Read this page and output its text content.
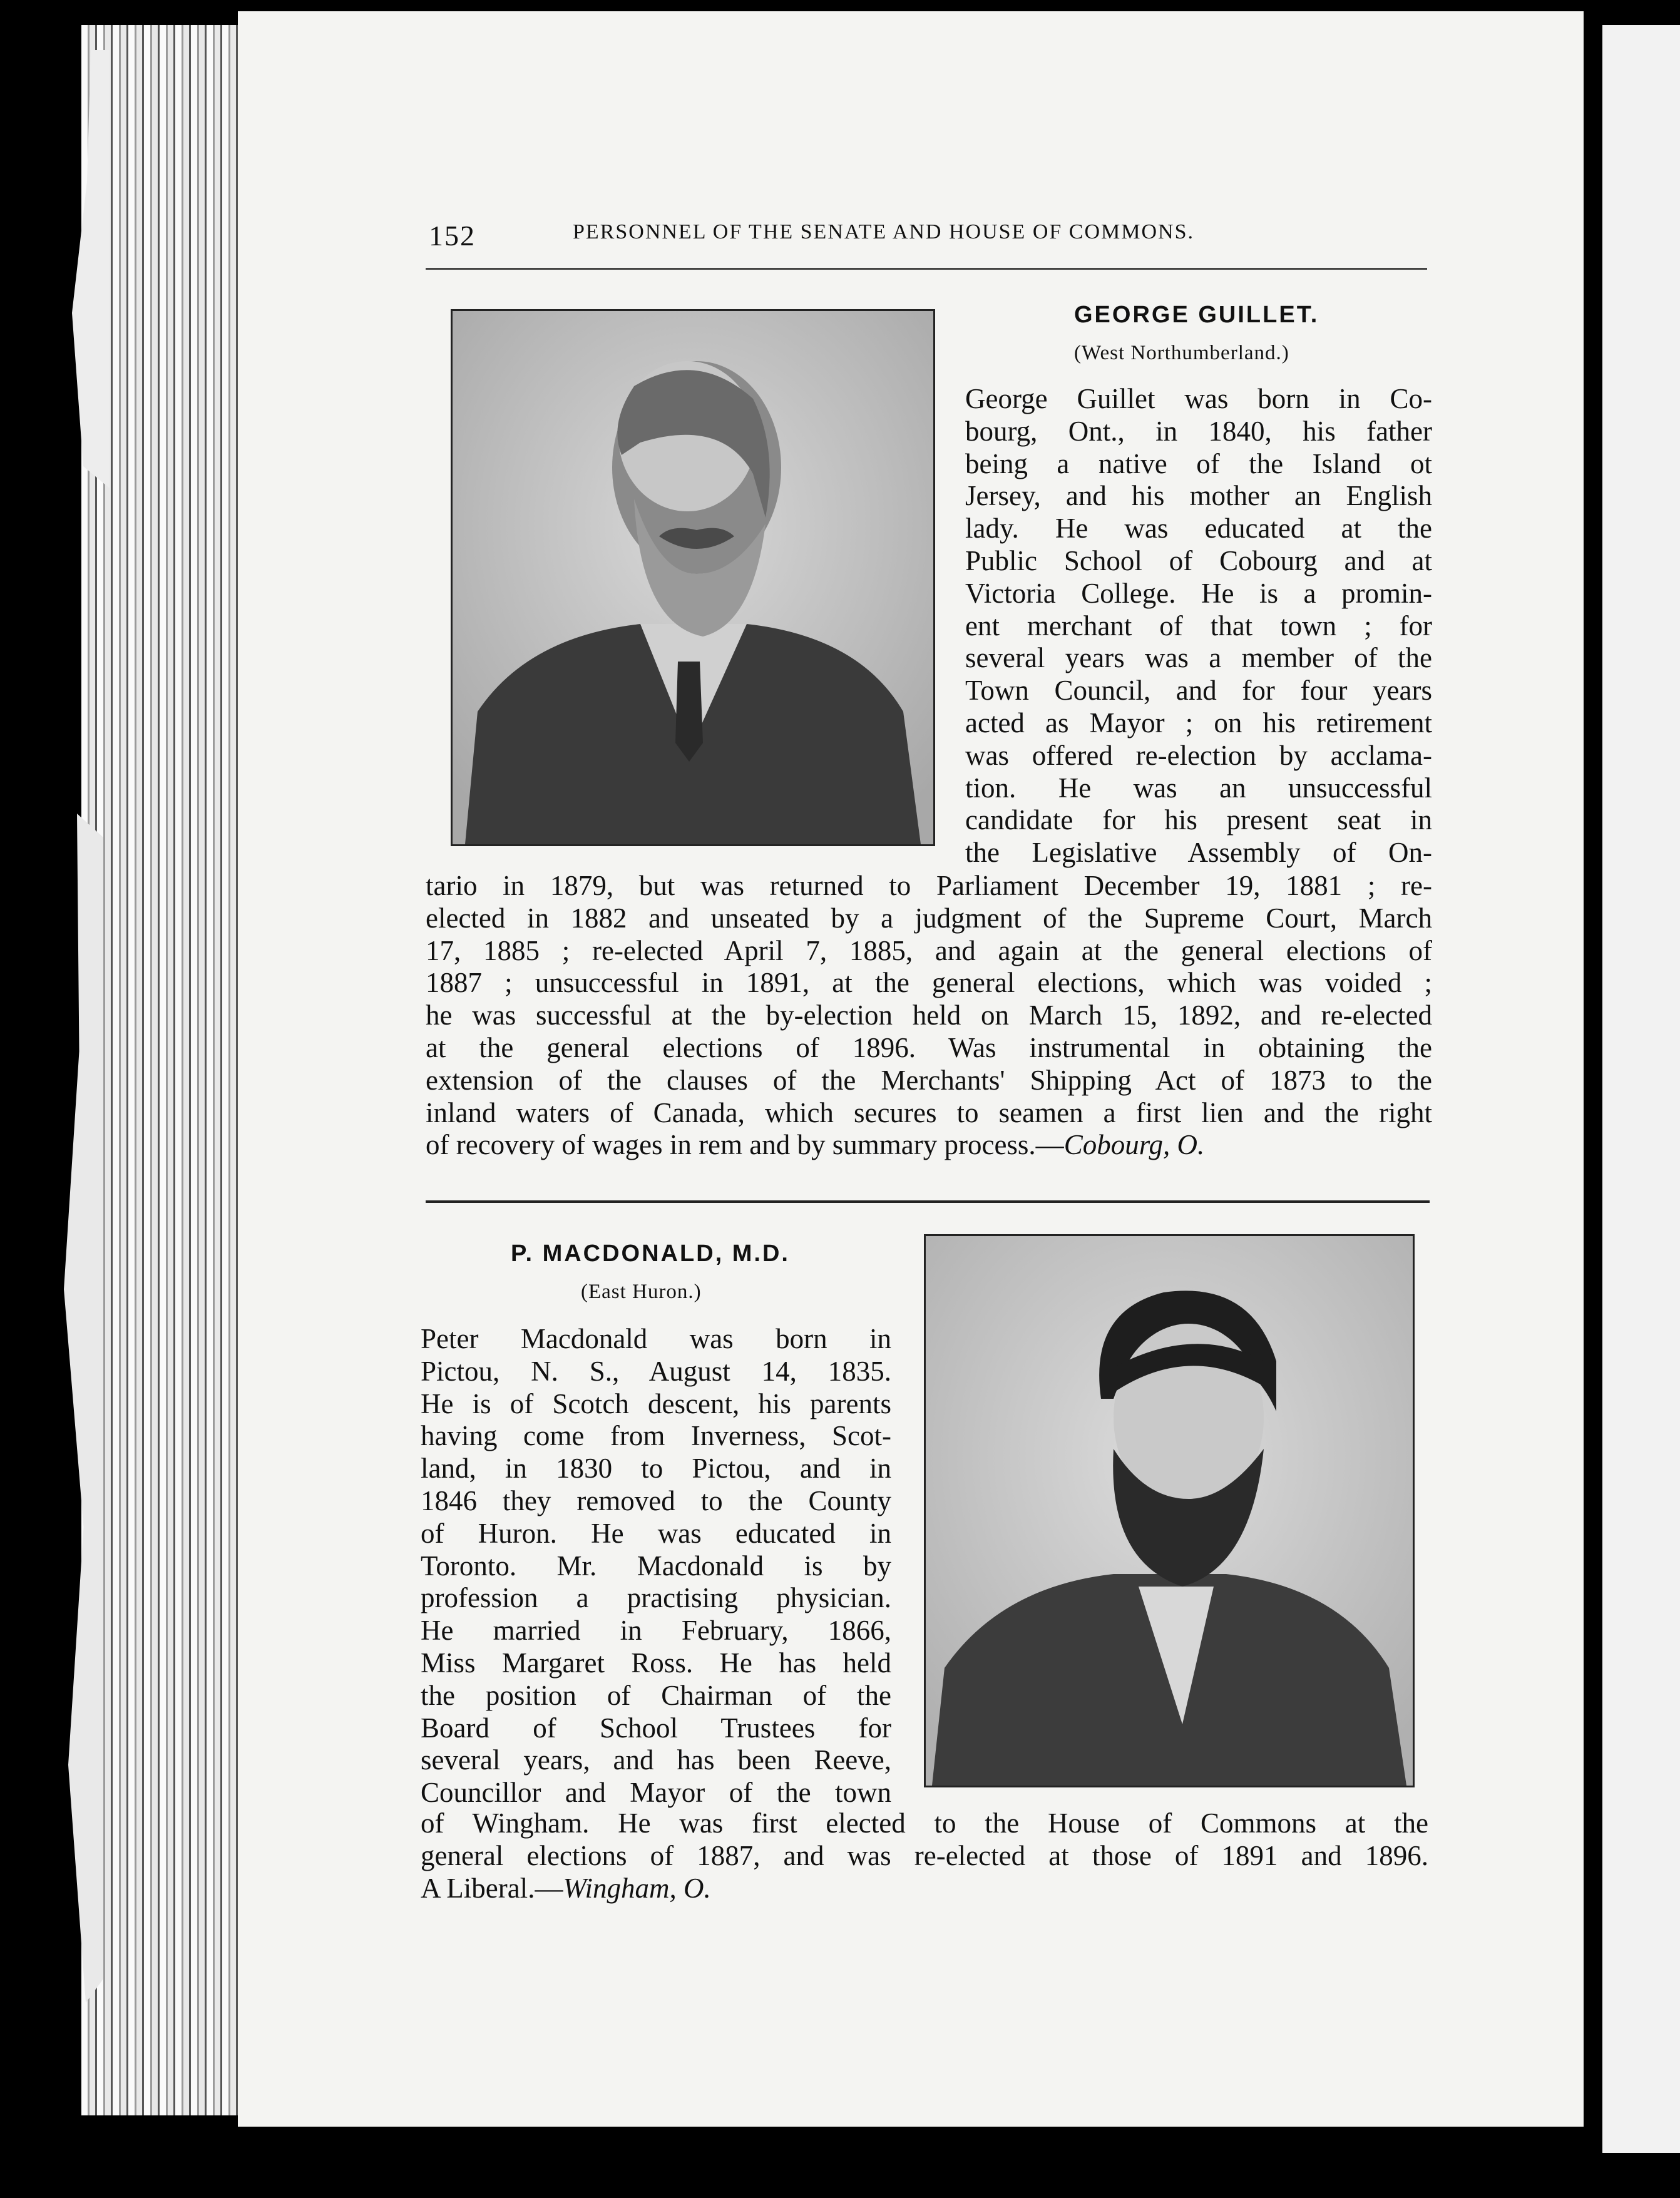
152	PERSONNEL OF THE SENATE AND HOUSE OF COMMONS.
GEORGE GUILLET.
(West Northumberland.)
George Guillet was born in Co-
bourg, Ont., in 1840, his father
being a native of the Island ot
Jersey, and his mother an English
lady. He was educated at the
Public School of Cobourg and at
Victoria College. He is a promin-
ent merchant of that town ; for
several years was a member of the
Town Council, and for four years
acted as Mayor ; on his retirement
was offered re-election by acclama-
tion. He was an unsuccessful
candidate for his present seat in
the Legislative Assembly of On-
tario in 1879, but was returned to Parliament December 19, 1881 ; re-
elected in 1882 and unseated by a judgment of the Supreme Court, March
17, 1885 ; re-elected April 7, 1885, and again at the general elections of
1887 ; unsuccessful in 1891, at the general elections, which was voided ;
he was successful at the by-election held on March 15, 1892, and re-elected
at the general elections of 1896. Was instrumental in obtaining the
extension of the clauses of the Merchants' Shipping Act of 1873 to the
inland waters of Canada, which secures to seamen a first lien and the right
of recovery of wages in rem and by summary process.—Cobourg, O.
P. MACDONALD, M.D.
(East Huron.)
Peter Macdonald was born in
Pictou, N. S., August 14, 1835.
He is of Scotch descent, his parents
having come from Inverness, Scot-
land, in 1830 to Pictou, and in
1846 they removed to the County
of Huron. He was educated in
Toronto. Mr. Macdonald is by
profession a practising physician.
He married in February, 1866,
Miss Margaret Ross. He has held
the position of Chairman of the
Board of School Trustees for
several years, and has been Reeve,
Councillor and Mayor of the town
of Wingham. He was first elected to the House of Commons at the
general elections of 1887, and was re-elected at those of 1891 and 1896.
A Liberal.—Wingham, O.
